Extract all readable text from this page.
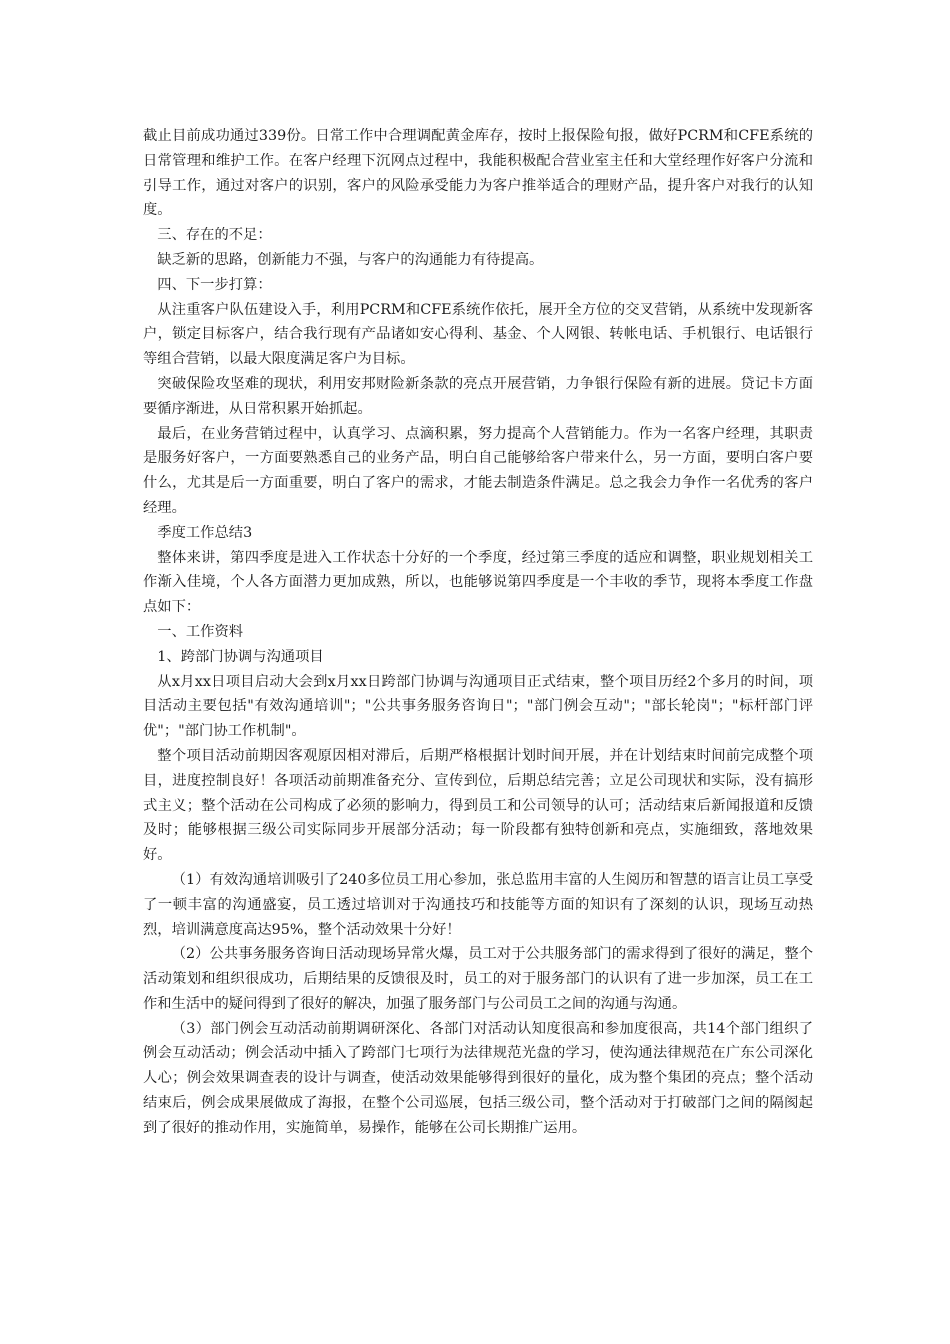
截止目前成功通过339份。日常工作中合理调配黄金库存，按时上报保险旬报，做好PCRM和CFE系统的日常管理和维护工作。在客户经理下沉网点过程中，我能积极配合营业室主任和大堂经理作好客户分流和引导工作，通过对客户的识别，客户的风险承受能力为客户推举适合的理财产品，提升客户对我行的认知度。

三、存在的不足：

缺乏新的思路，创新能力不强，与客户的沟通能力有待提高。

四、下一步打算：

从注重客户队伍建设入手，利用PCRM和CFE系统作依托，展开全方位的交叉营销，从系统中发现新客户，锁定目标客户，结合我行现有产品诸如安心得利、基金、个人网银、转帐电话、手机银行、电话银行等组合营销，以最大限度满足客户为目标。

突破保险攻坚难的现状，利用安邦财险新条款的亮点开展营销，力争银行保险有新的进展。贷记卡方面要循序渐进，从日常积累开始抓起。

最后，在业务营销过程中，认真学习、点滴积累，努力提高个人营销能力。作为一名客户经理，其职责是服务好客户，一方面要熟悉自己的业务产品，明白自己能够给客户带来什么，另一方面，要明白客户要什么，尤其是后一方面重要，明白了客户的需求，才能去制造条件满足。总之我会力争作一名优秀的客户经理。

季度工作总结3

整体来讲，第四季度是进入工作状态十分好的一个季度，经过第三季度的适应和调整，职业规划相关工作渐入佳境，个人各方面潜力更加成熟，所以，也能够说第四季度是一个丰收的季节，现将本季度工作盘点如下：

一、工作资料

1、跨部门协调与沟通项目

从x月xx日项目启动大会到x月xx日跨部门协调与沟通项目正式结束，整个项目历经2个多月的时间，项目活动主要包括"有效沟通培训"；"公共事务服务咨询日"；"部门例会互动"；"部长轮岗"；"标杆部门评优"；"部门协工作机制"。

整个项目活动前期因客观原因相对滞后，后期严格根据计划时间开展，并在计划结束时间前完成整个项目，进度控制良好！各项活动前期准备充分、宣传到位，后期总结完善；立足公司现状和实际，没有搞形式主义；整个活动在公司构成了必须的影响力，得到员工和公司领导的认可；活动结束后新闻报道和反馈及时；能够根据三级公司实际同步开展部分活动；每一阶段都有独特创新和亮点，实施细致，落地效果好。

（1）有效沟通培训吸引了240多位员工用心参加，张总监用丰富的人生阅历和智慧的语言让员工享受了一顿丰富的沟通盛宴，员工透过培训对于沟通技巧和技能等方面的知识有了深刻的认识，现场互动热烈，培训满意度高达95%，整个活动效果十分好！

（2）公共事务服务咨询日活动现场异常火爆，员工对于公共服务部门的需求得到了很好的满足，整个活动策划和组织很成功，后期结果的反馈很及时，员工的对于服务部门的认识有了进一步加深，员工在工作和生活中的疑问得到了很好的解决，加强了服务部门与公司员工之间的沟通与沟通。

（3）部门例会互动活动前期调研深化、各部门对活动认知度很高和参加度很高，共14个部门组织了例会互动活动；例会活动中插入了跨部门七项行为法律规范光盘的学习，使沟通法律规范在广东公司深化人心；例会效果调查表的设计与调查，使活动效果能够得到很好的量化，成为整个集团的亮点；整个活动结束后，例会成果展做成了海报，在整个公司巡展，包括三级公司，整个活动对于打破部门之间的隔阂起到了很好的推动作用，实施简单，易操作，能够在公司长期推广运用。
